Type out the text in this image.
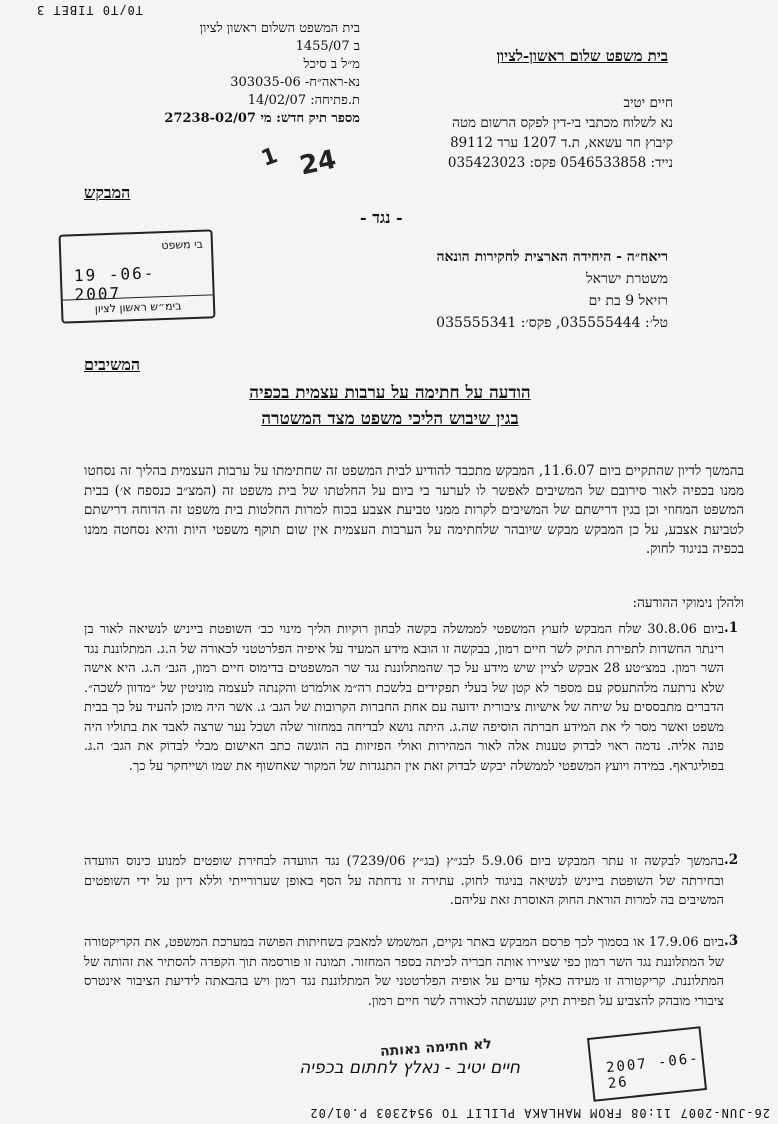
T0/T0 TIBET 3
בית המשפט השלום ראשון לציון
ב 1455/07
מ״ל ב סיכל
נא-ראה״ח- 303035-06
ת.פתיחה: 14/02/07
מספר תיק חדש: מי 27238-02/07
בית משפט שלום ראשון-לציון
חיים יטיב
נא לשלוח מכתבי בי-דין לפקס הרשום מטה
קיבוץ חר עשאא, ת.ד 1207 ערד 89112
נייד: 0546533858 פקס: 035423023
24
1
המבקש
- נגד -
בי משפט
19 -06- 2007
בימ״ש ראשון לציון
ריאח״ה - היחידה הארצית לחקירות הונאה
משטרת ישראל
רזיאל 9 בת ים
טל׳: 035555444, פקס׳: 035555341
המשיבים
הודעה על חתימה על ערבות עצמית בכפיה
בגין שיבוש הליכי משפט מצד המשטרה
בהמשך לדיון שהתקיים ביום 11.6.07, המבקש מתכבד להודיע לבית המשפט זה שחתימתו על ערבות העצמית בהליך זה נסחטו ממנו בכפיה לאור סירובם של המשיבים לאפשר לו לערער בי ביום על החלטתו של בית משפט זה (המצ״ב כנספח א׳) בבית המשפט המחוזי וכן בגין דרישתם של המשיבים לקרות ממני טביעת אצבע בכוח למרות החלטות בית משפט זה הדוחה דרישתם לטביעת אצבע, על כן המבקש מבקש שיובהר שלחתימה על הערבות העצמית אין שום תוקף משפטי היות והיא נסחטה ממנו בכפיה בניגוד לחוק.
ולהלן נימוקי ההודעה:
ביום 30.8.06 שלח המבקש לזעוץ המשפטי לממשלה בקשה לבחון רוקיות הליך מינוי כב׳ השופטת בייניש לנשיאה לאור בן רינתר החשדות לתפירת התיק לשר חיים רמון, בבקשה זו הובא מידע המעיד על איפיה הפלרטטני לכאורה של ה.ג. המתלוננת נגד השר רמון. במצ״טע 28 אבקש לציין שיש מידע על כך שהמתלוננת נגד שר המשפטים בדימוס חיים רמון, הגב׳ ה.ג. היא אישה שלא נרתעה מלהתעסק עם מספר לא קטן של בעלי תפקידים בלשכת רה״מ אולמרט והקנתה לעצמה מוניטין של ״מדוון לשכה״. הדברים מתבססים על שיחה של אישיות ציבורית ידועה עם אחת החברות הקרובות של הגב׳ ג. אשר היה מוכן להעיד על כך בבית משפט ואשר מסר לי את המידע חברתה הוסיפה שה.ג. היתה נושא לבדיחה במחזור שלה ושכל נער שרצה לאבד את בתוליו היה פונה אליה. נדמה ראוי לבדוק טענות אלה לאור המהירות ואולי הפזיזות בה הוגשה כתב האישום מבלי לבדוק את הגב׳ ה.ג. בפוליגראף. במידה ויועץ המשפטי לממשלה יבקש לבדוק זאת אין התנגדות של המקור שאחשוף את שמו ושייחקר על כך.
.1
בהמשך לבקשה זו עתר המבקש ביום 5.9.06 לבג״ץ (בג״ץ 7239/06) נגד הוועדה לבחירת שופטים למנוע כינוס הוועדה ובחירתה של השופטת בייניש לנשיאה בניגוד לחוק. עתירה זו נדחתה על הסף באופן שערורייתי וללא דיון על ידי השופטים המשיבים בה למרות הוראת החוק האוסרת זאת עליהם.
.2
ביום 17.9.06 או בסמוך לכך פרסם המבקש באתר נקיים, המשמש למאבק בשחיתות הפושה במערכת המשפט, את הקריקטורה של המתלוננת נגד השר רמון כפי שציירו אותה חבריה לכיתה בספר המחזור. תמונה זו פורסמה תוך הקפדה להסתיר את זהותה של המתלוננת. קריקטורה זו מעידה כאלף עדים על אופיה הפלרטטני של המתלוננת נגד רמון ויש בהבאתה לידיעת הציבור אינטרס ציבורי מובהק להצביע על תפירת תיק שנעשתה לכאורה לשר חיים רמון.
.3
2007 -06- 26
לא חתימה נאותה
חיים יטיב - נאלץ לחתום בכפיה
26-JUN-2007 11:08 FROM MAHLAKA PLILIT TO 9542303 P.01/02
